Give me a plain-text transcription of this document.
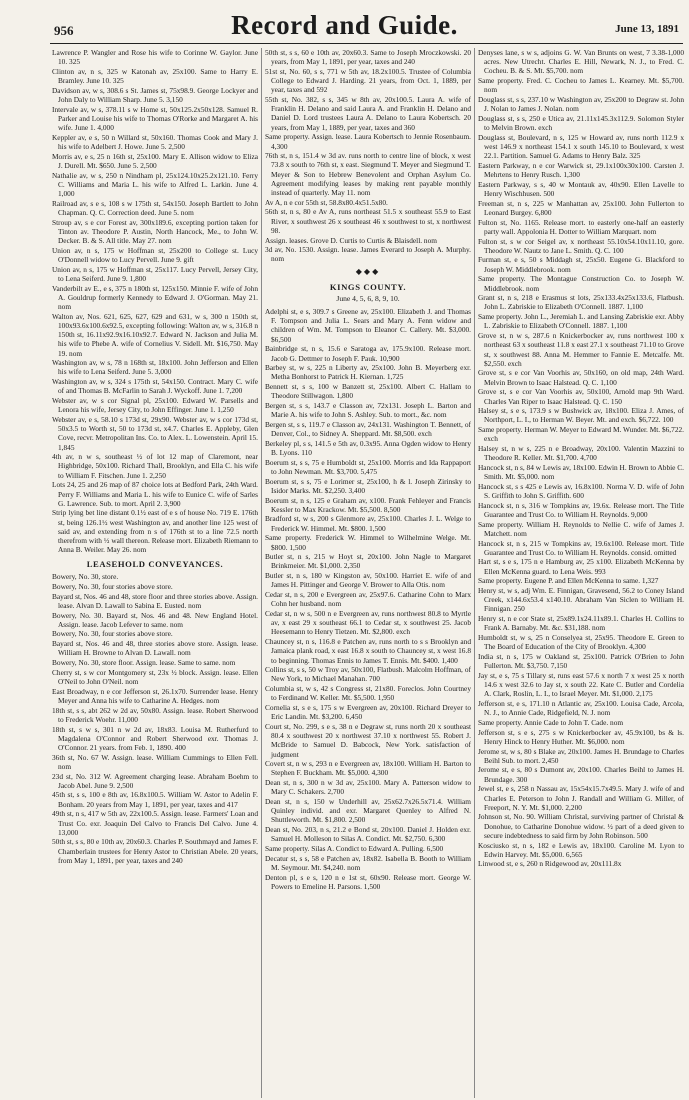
956	Record and Guide.	June 13, 1891

Lawrence P. Wangler and Rose his wife to Corinne W. Gaylor. June 10. 325

Clinton av, n s, 325 w Katonah av, 25x100. Same to Harry E. Bramley. June 10. 325

Davidson av, w s, 308.6 s St. James st, 75x98.9. George Lockyer and John Daly to William Sharp. June 5. 3,150

Intervale av, w s, 378.11 s w Home st, 50x125.2x50x128. Samuel R. Parker and Louise his wife to Thomas O'Rorke and Margaret A. his wife. June 1. 4,000

Keppler av, e s, 50 n Willard st, 50x160. Thomas Cook and Mary J. his wife to Adelbert J. Howe. June 5. 2,500

Morris av, e s, 25 n 16th st, 25x100. Mary E. Allison widow to Eliza J. Durell. Mt. $650. June 5. 2,500

Nathalie av, w s, 250 n Nindham pl, 25x124.10x25.2x121.10. Ferry C. Williams and Maria L. his wife to Alfred L. Larkin. June 4. 1,000

Railroad av, s e s, 108 s w 175th st, 54x150. Joseph Bartlett to John Chapman. Q. C. Correction deed. June 5. nom

Stroup av, s e cor Forest av, 300x189.6, excepting portion taken for Tinton av. Theodore P. Austin, North Hancock, Me., to John W. Decker. B. & S. All title. May 27. nom

Union av, n s, 175 w Hoffman st, 25x200 to College st. Lucy O'Donnell widow to Lucy Pervell. June 9. gift

Union av, n s, 175 w Hoffman st, 25x117. Lucy Pervell, Jersey City, to Lena Seiferd. June 9. 1,800

Vanderbilt av E., e s, 375 n 180th st, 125x150. Minnie F. wife of John A. Gouldrup formerly Kennedy to Edward J. O'Gorman. May 21. nom

Walton av, Nos. 621, 625, 627, 629 and 631, w s, 300 n 150th st, 100x93.6x100.6x92.5, excepting following: Walton av, w s, 316.8 n 150th st, 16.11x92.9x16.10x92.7. Edward N. Jackson and Julia M. his wife to Phebe A. wife of Cornelius V. Sidell. Mt. $16,750. May 19. nom

Washington av, w s, 78 n 168th st, 18x100. John Jefferson and Ellen his wife to Lena Seiferd. June 5. 3,000

Washington av, w s, 324 s 175th st, 54x150. Contract. Mary C. wife of and Thomas B. McFarlin to Sarah J. Wyckoff. June 1. 7,200

Webster av, w s cor Signal pl, 25x100. Edward W. Parsells and Lenora his wife, Jersey City, to John Effinger. June 1. 1,250

Webster av, e s, 58.10 s 173d st, 29x90. Webster av, w s cor 173d st, 50x3.5 to Worth st, 50 to 173d st, x4.7. Charles E. Appleby, Glen Cove, recvr. Metropolitan Ins. Co. to Alex. L. Lowenstein. April 15. 1,845

4th av, n w s, southeast ½ of lot 12 map of Claremont, near Highbridge, 50x100. Richard Thall, Brooklyn, and Ella C. his wife to William F. Fitschen. June 1. 2,250

Lots 24, 25 and 26 map of 87 choice lots at Bedford Park, 24th Ward. Perry F. Williams and Maria L. his wife to Eunice C. wife of Sarles G. Lawrence. Sub. to mort. April 2. 3,900

Strip lying bet line distant 0.1½ east of e s of house No. 719 E. 176th st, being 126.1½ west Washington av, and another line 125 west of said av, and extending from n s of 176th st to a line 72.5 north therefrom with ½ wall thereon. Release mort. Elizabeth Riemann to Anna B. Weiler. May 26. nom

LEASEHOLD CONVEYANCES.

Bowery, No. 30, store.

Bowery, No. 30, four stories above store.

Bayard st, Nos. 46 and 48, store floor and three stories above. Assign. lease. Alvan D. Lawall to Sabina E. Eusted. nom

Bowery, No. 30. Bayard st, Nos. 46 and 48. New England Hotel. Assign. lease. Jacob Lefever to same. nom

Bowery, No. 30, four stories above store.

Bayard st, Nos. 46 and 48, three stories above store. Assign. lease. William H. Browne to Alvan D. Lawall. nom

Bowery, No. 30, store floor. Assign. lease. Same to same. nom

Cherry st, s w cor Montgomery st, 23x ½ block. Assign. lease. Ellen O'Neil to John O'Neil. nom

East Broadway, n e cor Jefferson st, 26.1x70. Surrender lease. Henry Meyer and Anna his wife to Catharine A. Hedges. nom

18th st, s s, abt 262 w 2d av, 50x80. Assign. lease. Robert Sherwood to Frederick Woehr. 11,000

18th st, s w s, 301 n w 2d av, 18x83. Louisa M. Rutherfurd to Magdalena O'Connor and Robert Sherwood exr. Thomas J. O'Connor. 21 years. from Feb. 1, 1890. 400

36th st, No. 67 W. Assign. lease. William Cummings to Ellen Fell. nom

23d st, No. 312 W. Agreement charging lease. Abraham Boehm to Jacob Abel. June 9. 2,500

45th st, s s, 100 e 8th av, 16.8x100.5. William W. Astor to Adelin F. Bonham. 20 years from May 1, 1891, per year, taxes and 417

49th st, n s, 417 w 5th av, 22x100.5. Assign. lease. Farmers' Loan and Trust Co. exr. Joaquin Del Calvo to Francis Del Calvo. June 4. 13,000

50th st, s s, 80 e 10th av, 20x60.3. Charles P. Southmayd and James F. Chamberlain trustees for Henry Astor to Christian Abele. 20 years, from May 1, 1891, per year, taxes and 240

50th st, s s, 60 e 10th av, 20x60.3. Same to Joseph Mroczkowski. 20 years, from May 1, 1891, per year, taxes and 240

51st st, No. 60, s s, 771 w 5th av, 18.2x100.5. Trustee of Columbia College to Edward J. Harding. 21 years, from Oct. 1, 1889, per year, taxes and 592

55th st, No. 382, s s, 345 w 8th av, 20x100.5. Laura A. wife of Franklin H. Delano and said Laura A. and Franklin H. Delano and Daniel D. Lord trustees Laura A. Delano to Laura Kobertsch. 20 years, from May 1, 1889, per year, taxes and 360

Same property. Assign. lease. Laura Kobertsch to Jennie Rosenbaum. 4,300

76th st, n s, 151.4 w 3d av. runs north to centre line of block, x west 73.8 x south to 76th st, x east. Siegmund T. Meyer and Siegmund T. Meyer & Son to Hebrew Benevolent and Orphan Asylum Co. Agreement modifying leases by making rent payable monthly instead of quarterly. May 11. nom

Av A, n e cor 55th st, 58.8x80.4x51.5x80.

56th st, n s, 80 e Av A, runs northeast 51.5 x southeast 55.9 to East River, x southwest 26 x southeast 46 x southwest to st, x northwest 98.

Assign. leases. Grove D. Curtis to Curtis & Blaisdell. nom

3d av, No. 1530. Assign. lease. James Everard to Joseph A. Murphy. nom

◆◆◆
KINGS COUNTY.
June 4, 5, 6, 8, 9, 10.

Adelphi st, e s, 309.7 s Greene av, 25x100. Elizabeth J. and Thomas F. Tompson and Julia L. Sears and Mary A. Fenn widow and children of Wm. M. Tompson to Eleanor C. Callery. Mt. $3,000. $6,500

Bainbridge st, n s, 15.6 e Saratoga av, 175.9x100. Release mort. Jacob G. Dettmer to Joseph F. Pauk. 10,900

Barbey st, w s, 225 n Liberty av, 25x100. John B. Meyerberg exr. Metha Bonhorst to Patrick H. Kiernan. 1,725

Bennett st, s s, 100 w Banzett st, 25x100. Albert C. Hallam to Theodore Stillwagon. 1,800

Bergen st, s s, 143.7 e Classon av, 72x131. Joseph L. Barton and Marie A. his wife to John S. Ashley. Sub. to mort., &c. nom

Bergen st, s s, 119.7 e Classon av, 24x131. Washington T. Bennett, of Denver, Col., to Sidney A. Sheppard. Mt. $8,500. exch

Berkeley pl, s s, 141.5 e 5th av, 0.3x95. Anna Ogden widow to Henry B. Lyons. 110

Boerum st, s s, 75 e Humboldt st, 25x100. Morris and Ida Rappaport to John Newman. Mt. $3,700. 5,475

Boerum st, s s, 75 e Lorimer st, 25x100, h & l. Joseph Zirinsky to Isidor Marks. Mt. $2,250. 3,400

Boerum st, n s, 125 e Graham av, x100. Frank Fehleyer and Francis Kessler to Max Krackow. Mt. $5,500. 8,500

Bradford st, w s, 200 s Glenmore av, 25x100. Charles J. L. Welge to Frederick W. Himmel. Mt. $800. 1,500

Same property. Frederick W. Himmel to Wilhelmine Welge. Mt. $800. 1,500

Butler st, n s, 215 w Hoyt st, 20x100. John Nagle to Margaret Brinkmeier. Mt. $1,000. 2,350

Butler st, n s, 180 w Kingston av, 50x100. Harriet E. wife of and James H. Pittinger and George V. Brower to Alla Otis. nom

Cedar st, n s, 200 e Evergreen av, 25x97.6. Catharine Cohn to Marx Cohn her husband. nom

Cedar st, n w s, 500 n e Evergreen av, runs northwest 80.8 to Myrtle av, x east 29 x southeast 66.1 to Cedar st, x southwest 25. Jacob Heesemann to Henry Tietzen. Mt. $2,800. exch

Chauncey st, n s, 116.8 e Patchen av, runs north to s s Brooklyn and Jamaica plank road, x east 16.8 x south to Chauncey st, x west 16.8 to beginning. Thomas Ennis to James T. Ennis. Mt. $400. 1,400

Collins st, s s, 50 w Troy av, 50x100, Flatbush. Malcolm Hoffman, of New York, to Michael Manahan. 700

Columbia st, w s, 42 s Congress st, 21x80. Foreclos. John Courtney to Ferdinand W. Keller. Mt. $5,500. 1,950

Cornelia st, s e s, 175 s w Evergreen av, 20x100. Richard Dreyer to Eric Landin. Mt. $3,200. 6,450

Court st, No. 299, s e s, 38 n e Degraw st, runs north 20 x southeast 80.4 x southwest 20 x northwest 37.10 x northwest 55. Robert J. McBride to Samuel D. Babcock, New York. satisfaction of judgment

Covert st, n w s, 293 n e Evergreen av, 18x100. William H. Barton to Stephen F. Buckham. Mt. $5,000. 4,300

Dean st, n s, 300 n w 3d av, 25x100. Mary A. Patterson widow to Mary C. Schakers. 2,700

Dean st, n s, 150 w Underhill av, 25x62.7x26.5x71.4. William Quinley individ. and exr. Margaret Quenley to Alfred N. Shuttleworth. Mt. $1,800. 2,500

Dean st, No. 203, n s, 21.2 e Bond st, 20x100. Daniel J. Holden exr. Samuel H. Molleson to Silas A. Condict. Mt. $2,750. 6,300

Same property. Silas A. Condict to Edward A. Pulling. 6,500

Decatur st, s s, 58 e Patchen av, 18x82. Isabella B. Booth to William M. Seymour. Mt. $4,240. nom

Denton pl, s e s, 120 n e 1st st, 60x90. Release mort. George W. Powers to Emeline H. Parsons. 1,500

Denyses lane, s w s, adjoins G. W. Van Brunts on west, 7 3.38-1,000 acres. New Utrecht. Charles E. Hill, Newark, N. J., to Fred. C. Cocheu. B. & S. Mt. $5,700. nom

Same property. Fred. C. Cocheu to James L. Kearney. Mt. $5,700. nom

Douglass st, s s, 237.10 w Washington av, 25x200 to Degraw st. John J. Nolan to James J. Nolan. nom

Douglass st, s s, 250 e Utica av, 21.11x145.3x112.9. Solomon Styler to Melvin Brown. exch

Douglass st, Boulevard, n s, 125 w Howard av, runs north 112.9 x west 146.9 x northeast 154.1 x south 145.10 to Boulevard, x west 22.1. Partition. Samuel G. Adams to Henry Balz. 325

Eastern Parkway, n e cor Warwick st, 29.1x100x30x100. Carsten J. Mehrtens to Henry Rusch. 1,300

Eastern Parkway, s s, 40 w Montauk av, 40x90. Ellen Lavelle to Henry Wischhusen. 500

Freeman st, n s, 225 w Manhattan av, 25x100. John Fullerton to Leonard Burgey. 6,800

Fulton st, No. 1165. Release mort. to easterly one-half an easterly party wall. Appolonia H. Dotter to William Marquart. nom

Fulton st, s w cor Seigel av, x northeast 55.10x54.10x11.10, gore. Theodore W. Nautz to Jane L. Smith. Q. C. 100

Furman st, e s, 50 s Middagh st, 25x50. Eugene G. Blackford to Joseph W. Middlebrook. nom

Same property. The Montague Construction Co. to Joseph W. Middlebrook. nom

Grant st, n s, 218 e Erasmus st lots, 25x133.4x25x133.6, Flatbush. John L. Zabriskie to Elizabeth O'Connell. 1887. 1,100

Same property. John L., Jeremiah L. and Lansing Zabriskie exr. Abby L. Zabriskie to Elizabeth O'Connell. 1887. 1,100

Grove st, n w s, 287.6 n Knickerbocker av, runs northwest 100 x northeast 63 x southeast 11.8 x east 27.1 x southeast 71.10 to Grove st, x southwest 88. Anna M. Hemmer to Fannie E. Metcalfe. Mt. $2,550. exch

Grove st, s e cor Van Voorhis av, 50x160, on old map, 24th Ward. Melvin Brown to Isaac Halstead. Q. C. 1,100

Grove st, s e cor Van Voorhis av, 50x100, Arnold map 9th Ward. Charles Van Riper to Isaac Halstead. Q. C. 150

Halsey st, s e s, 173.9 s w Bushwick av, 18x100. Eliza J. Ames, of Northport, L. I., to Herman W. Beyer. Mt. and exch. $6,722. 100

Same property. Herman W. Meyer to Edward M. Wunder. Mt. $6,722. exch

Halsey st, n w s, 225 n e Broadway, 20x100. Valentin Mazzini to Theodore R. Keller. Mt. $1,700. 4,700

Hancock st, n s, 84 w Lewis av, 18x100. Edwin H. Brown to Abbie C. Smith. Mt. $5,000. nom

Hancock st, s s 425 e Lewis av, 16.8x100. Norma V. D. wife of John S. Griffith to John S. Griffith. 600

Hancock st, n s, 316 w Tompkins av, 19.6x. Release mort. The Title Guarantee and Trust Co. to William H. Reynolds. 9,000

Same property. William H. Reynolds to Nellie C. wife of James J. Matchett. nom

Hancock st, n s, 215 w Tompkins av, 19.6x100. Release mort. Title Guarantee and Trust Co. to William H. Reynolds. consid. omitted

Hart st, s e s, 175 n e Hamburg av, 25 x100. Elizabeth McKenna by Ellen McKenna guard. to Lena Weis. 993

Same property. Eugene P. and Ellen McKenna to same. 1,327

Henry st, w s, adj Wm. E. Finnigan, Gravesend, 56.2 to Coney Island Creek, x144.6x53.4 x140.10. Abraham Van Siclen to William H. Finnigan. 250

Henry st, n e cor State st, 25x89.1x24.11x89.1. Charles H. Collins to Frank A. Barnaby. Mt. &c. $31,188. nom

Humboldt st, w s, 25 n Conselyea st, 25x95. Theodore E. Green to The Board of Education of the City of Brooklyn. 4,300

India st, n s, 175 w Oakland st, 25x100. Patrick O'Brien to John Fullerton. Mt. $3,750. 7,150

Jay st, e s, 75 s Tillary st, runs east 57.6 x north 7 x west 25 x north 14.6 x west 32.6 to Jay st, x south 22. Kate C. Butler and Cordelia A. Clark, Roslin, L. I., to Israel Meyer. Mt. $1,000. 2,175

Jefferson st, e s, 171.10 n Atlantic av, 25x100. Louisa Cade, Arcola, N. J., to Annie Cade, Ridgefield, N. J. nom

Same property. Annie Cade to John T. Cade. nom

Jefferson st, s e s, 275 s w Knickerbocker av, 45.9x100, bs & ls. Henry Hinck to Henry Huther. Mt. $6,000. nom

Jerome st, w s, 80 s Blake av, 20x100. James H. Brundage to Charles Beihl Sub. to mort. 2,450

Jerome st, e s, 80 s Dumont av, 20x100. Charles Beihl to James H. Brundage. 300

Jewel st, e s, 258 n Nassau av, 15x54x15.7x49.5. Mary J. wife of and Charles E. Peterson to John J. Randall and William G. Miller, of Freeport, N. Y. Mt. $1,000. 2,200

Johnson st, No. 90. William Christal, surviving partner of Christal & Donohue, to Catharine Donohue widow. ½ part of a deed given to secure indebtedness to said firm by John Robinson. 500

Kosciusko st, n s, 182 e Lewis av, 18x100. Caroline M. Lyon to Edwin Harvey. Mt. $5,000. 6,565

Linwood st, e s, 260 n Ridgewood av, 20x111.8x
